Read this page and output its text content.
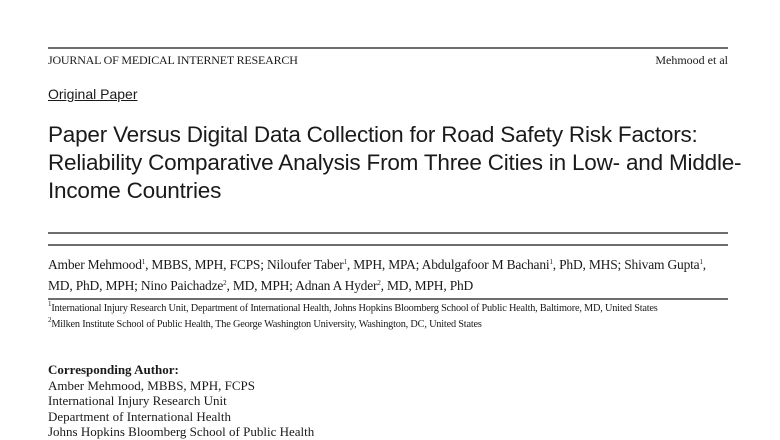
JOURNAL OF MEDICAL INTERNET RESEARCH	Mehmood et al
Original Paper
Paper Versus Digital Data Collection for Road Safety Risk Factors: Reliability Comparative Analysis From Three Cities in Low- and Middle-Income Countries
Amber Mehmood$^1$, MBBS, MPH, FCPS; Niloufer Taber$^1$, MPH, MPA; Abdulgafoor M Bachani$^1$, PhD, MHS; Shivam Gupta$^1$, MD, PhD, MPH; Nino Paichadze$^2$, MD, MPH; Adnan A Hyder$^2$, MD, MPH, PhD
$^1$International Injury Research Unit, Department of International Health, Johns Hopkins Bloomberg School of Public Health, Baltimore, MD, United States
$^2$Milken Institute School of Public Health, The George Washington University, Washington, DC, United States
Corresponding Author:
Amber Mehmood, MBBS, MPH, FCPS
International Injury Research Unit
Department of International Health
Johns Hopkins Bloomberg School of Public Health
